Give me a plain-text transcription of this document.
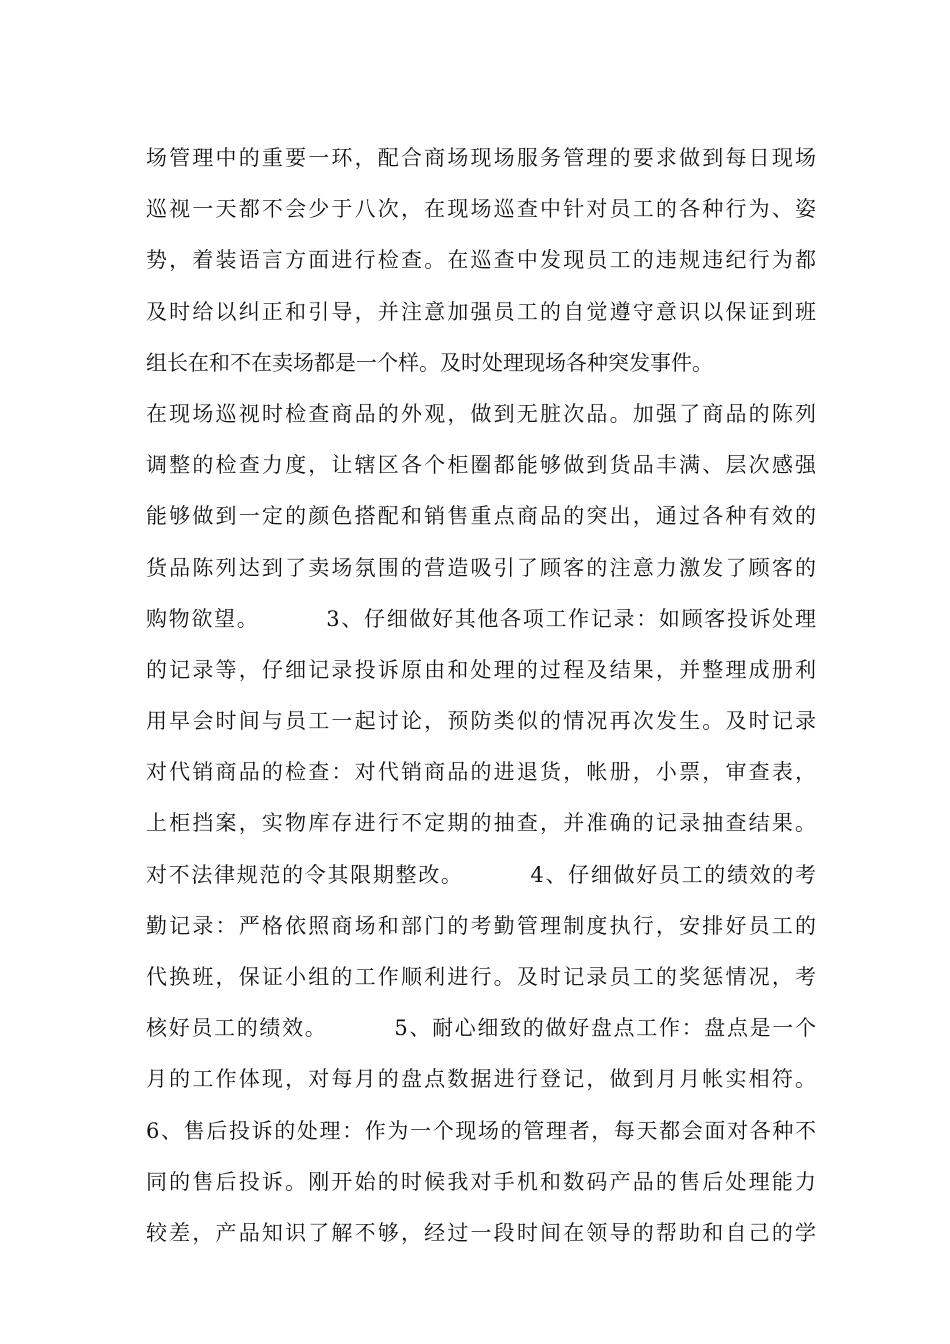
场管理中的重要一环，配合商场现场服务管理的要求做到每日现场
巡视一天都不会少于八次，在现场巡查中针对员工的各种行为、姿
势，着装语言方面进行检查。在巡查中发现员工的违规违纪行为都
及时给以纠正和引导，并注意加强员工的自觉遵守意识以保证到班
组长在和不在卖场都是一个样。及时处理现场各种突发事件。
在现场巡视时检查商品的外观，做到无脏次品。加强了商品的陈列
调整的检查力度，让辖区各个柜圈都能够做到货品丰满、层次感强
能够做到一定的颜色搭配和销售重点商品的突出，通过各种有效的
货品陈列达到了卖场氛围的营造吸引了顾客的注意力激发了顾客的
购物欲望。        3、仔细做好其他各项工作记录：如顾客投诉处理
的记录等，仔细记录投诉原由和处理的过程及结果，并整理成册利
用早会时间与员工一起讨论，预防类似的情况再次发生。及时记录
对代销商品的检查：对代销商品的进退货，帐册，小票，审查表，
上柜挡案，实物库存进行不定期的抽查，并准确的记录抽查结果。
对不法律规范的令其限期整改。        4、仔细做好员工的绩效的考
勤记录：严格依照商场和部门的考勤管理制度执行，安排好员工的
代换班，保证小组的工作顺利进行。及时记录员工的奖惩情况，考
核好员工的绩效。        5、耐心细致的做好盘点工作：盘点是一个
月的工作体现，对每月的盘点数据进行登记，做到月月帐实相符。
6、售后投诉的处理：作为一个现场的管理者，每天都会面对各种不
同的售后投诉。刚开始的时候我对手机和数码产品的售后处理能力
较差，产品知识了解不够，经过一段时间在领导的帮助和自己的学
